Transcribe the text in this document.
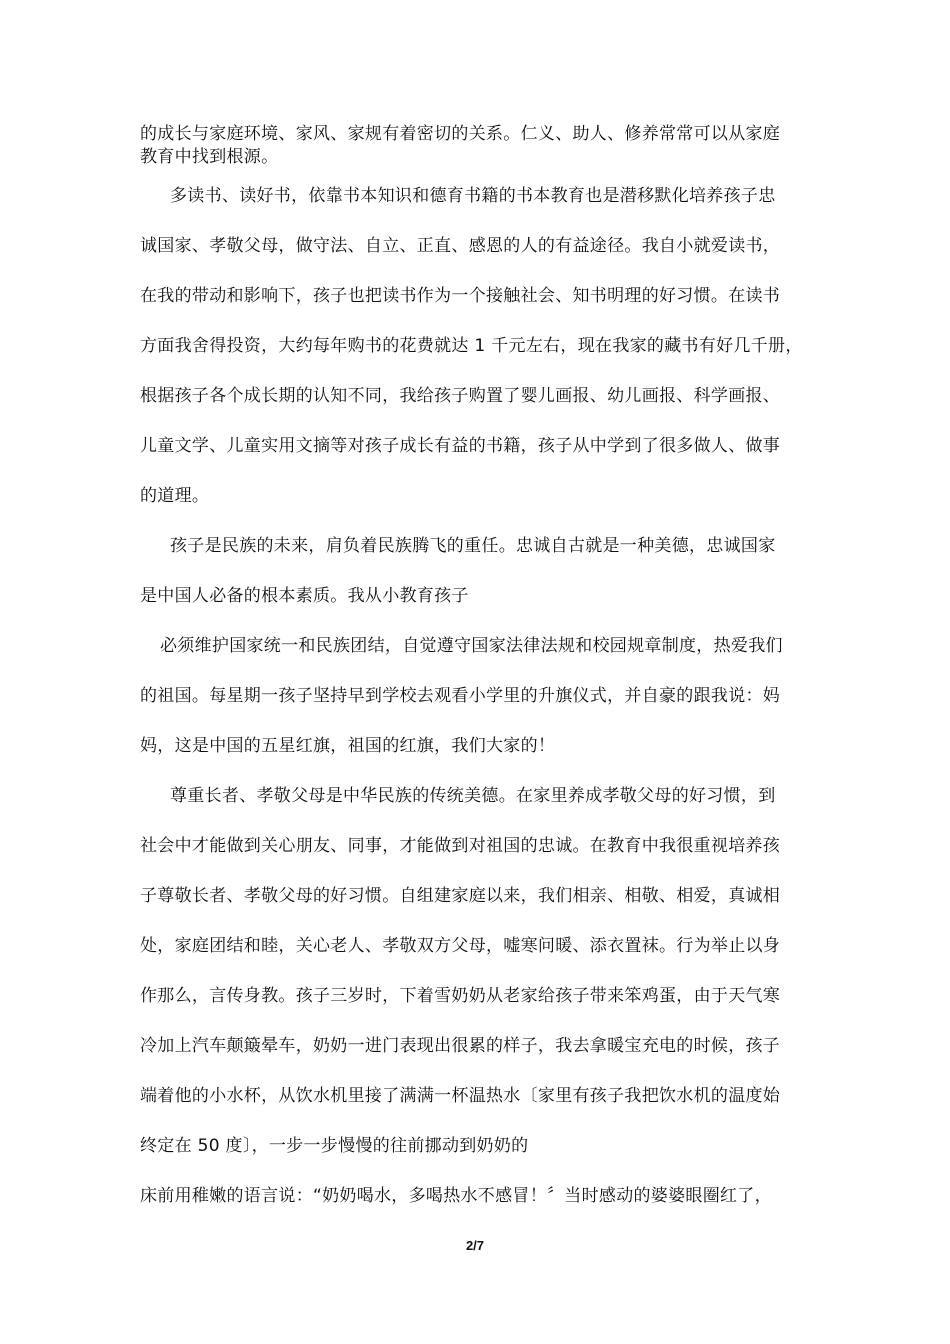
的成长与家庭环境、家风、家规有着密切的关系。仁义、助人、修养常常可以从家庭
教育中找到根源。
多读书、读好书，依靠书本知识和德育书籍的书本教育也是潜移默化培养孩子忠
诚国家、孝敬父母，做守法、自立、正直、感恩的人的有益途径。我自小就爱读书，
在我的带动和影响下，孩子也把读书作为一个接触社会、知书明理的好习惯。在读书
方面我舍得投资，大约每年购书的花费就达 1 千元左右，现在我家的藏书有好几千册，
根据孩子各个成长期的认知不同，我给孩子购置了婴儿画报、幼儿画报、科学画报、
儿童文学、儿童实用文摘等对孩子成长有益的书籍，孩子从中学到了很多做人、做事
的道理。
孩子是民族的未来，肩负着民族腾飞的重任。忠诚自古就是一种美德，忠诚国家
是中国人必备的根本素质。我从小教育孩子
必须维护国家统一和民族团结，自觉遵守国家法律法规和校园规章制度，热爱我们
的祖国。每星期一孩子坚持早到学校去观看小学里的升旗仪式，并自豪的跟我说：妈
妈，这是中国的五星红旗，祖国的红旗，我们大家的！
尊重长者、孝敬父母是中华民族的传统美德。在家里养成孝敬父母的好习惯，到
社会中才能做到关心朋友、同事，才能做到对祖国的忠诚。在教育中我很重视培养孩
子尊敬长者、孝敬父母的好习惯。自组建家庭以来，我们相亲、相敬、相爱，真诚相
处，家庭团结和睦，关心老人、孝敬双方父母，嘘寒问暖、添衣置袜。行为举止以身
作那么，言传身教。孩子三岁时，下着雪奶奶从老家给孩子带来笨鸡蛋，由于天气寒
冷加上汽车颠簸晕车，奶奶一进门表现出很累的样子，我去拿暖宝充电的时候，孩子
端着他的小水杯，从饮水机里接了满满一杯温热水〔家里有孩子我把饮水机的温度始
终定在 50 度〕，一步一步慢慢的往前挪动到奶奶的
床前用稚嫩的语言说：“奶奶喝水，多喝热水不感冒！〞当时感动的婆婆眼圈红了，
2/7
